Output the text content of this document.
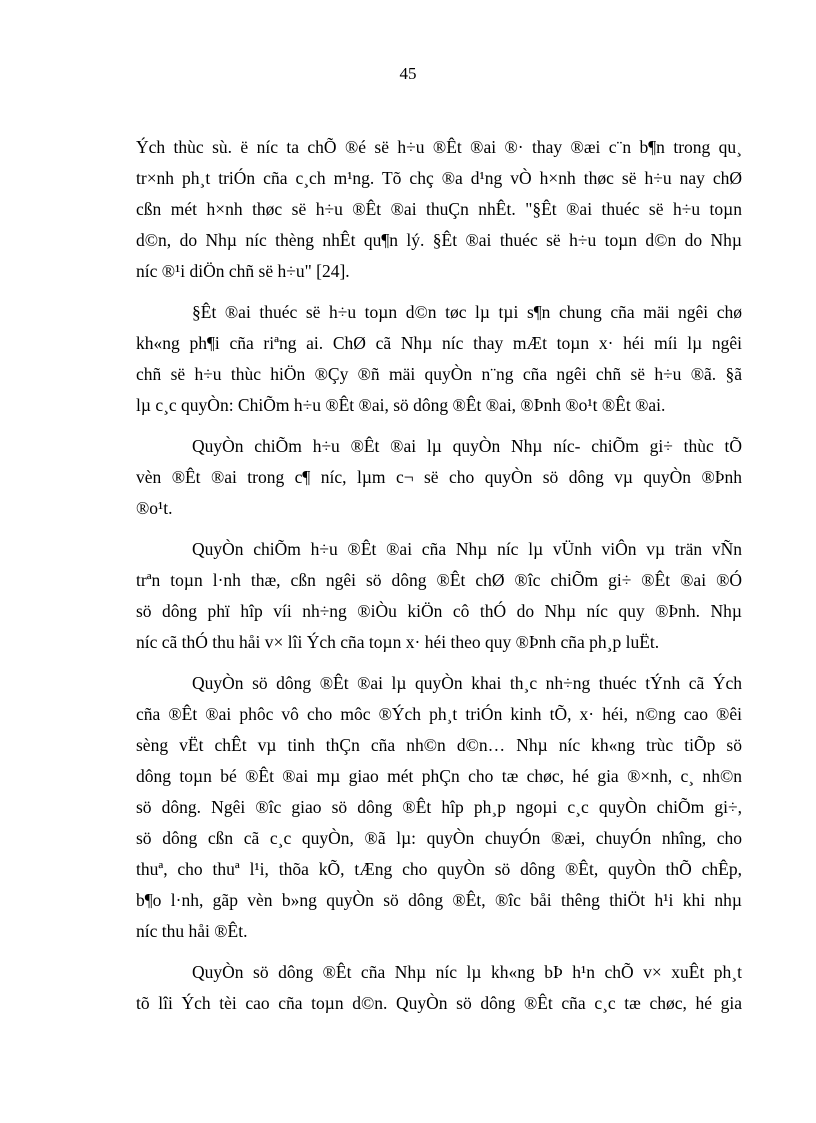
45
Ých thùc sù. ë níc ta chÕ ®é së h÷u ®Êt ®ai ®· thay ®æi c¨n b¶n trong qu¸
tr×nh ph¸t triÓn cña c¸ch m¹ng. Tõ chç ®a d¹ng vÒ h×nh thøc së h÷u nay chØ
cßn mét h×nh thøc së h÷u ®Êt ®ai thuÇn nhÊt. "§Êt ®ai thuéc së h÷u toµn
d©n, do Nhµ níc thèng nhÊt qu¶n lý. §Êt ®ai thuéc së h÷u toµn d©n do Nhµ
níc ®¹i diÖn chñ së h÷u" [24].
§Êt ®ai thuéc së h÷u toµn d©n tøc lµ tµi s¶n chung cña mäi ngêi chø
kh«ng ph¶i cña riªng ai. ChØ cã Nhµ níc thay mÆt toµn x· héi míi lµ ngêi
chñ së h÷u thùc hiÖn ®Çy ®ñ mäi quyÒn n¨ng cña ngêi chñ së h÷u ®ã. §ã
lµ c¸c quyÒn: ChiÕm h÷u ®Êt ®ai, sö dông ®Êt ®ai, ®Þnh ®o¹t ®Êt ®ai.
QuyÒn chiÕm h÷u ®Êt ®ai lµ quyÒn Nhµ níc- chiÕm gi÷ thùc tÕ
vèn ®Êt ®ai trong c¶ níc, lµm c¬ së cho quyÒn sö dông vµ quyÒn ®Þnh
®o¹t.
QuyÒn chiÕm h÷u ®Êt ®ai cña Nhµ níc lµ vÜnh viÔn vµ trän vÑn
trªn toµn l·nh thæ, cßn ngêi sö dông ®Êt chØ ®îc chiÕm gi÷ ®Êt ®ai ®Ó
sö dông phï hîp víi nh÷ng ®iÒu kiÖn cô thÓ do Nhµ níc quy ®Þnh. Nhµ
níc cã thÓ thu håi v× lîi Ých cña toµn x· héi theo quy ®Þnh cña ph¸p luËt.
QuyÒn sö dông ®Êt ®ai lµ quyÒn khai th¸c nh÷ng thuéc tÝnh cã Ých
cña ®Êt ®ai phôc vô cho môc ®Ých ph¸t triÓn kinh tÕ, x· héi, n©ng cao ®êi
sèng vËt chÊt vµ tinh thÇn cña nh©n d©n… Nhµ níc kh«ng trùc tiÕp sö
dông toµn bé ®Êt ®ai mµ giao mét phÇn cho tæ chøc, hé gia ®×nh, c¸ nh©n
sö dông. Ngêi ®îc giao sö dông ®Êt hîp ph¸p ngoµi c¸c quyÒn chiÕm gi÷,
sö dông cßn cã c¸c quyÒn, ®ã lµ: quyÒn chuyÓn ®æi, chuyÓn nhîng, cho
thuª, cho thuª l¹i, thõa kÕ, tÆng cho quyÒn sö dông ®Êt, quyÒn thÕ chÊp,
b¶o l·nh, gãp vèn b»ng quyÒn sö dông ®Êt, ®îc båi thêng thiÖt h¹i khi nhµ
níc thu håi ®Êt.
QuyÒn sö dông ®Êt cña Nhµ níc lµ kh«ng bÞ h¹n chÕ v× xuÊt ph¸t
tõ lîi Ých tèi cao cña toµn d©n. QuyÒn sö dông ®Êt cña c¸c tæ chøc, hé gia
